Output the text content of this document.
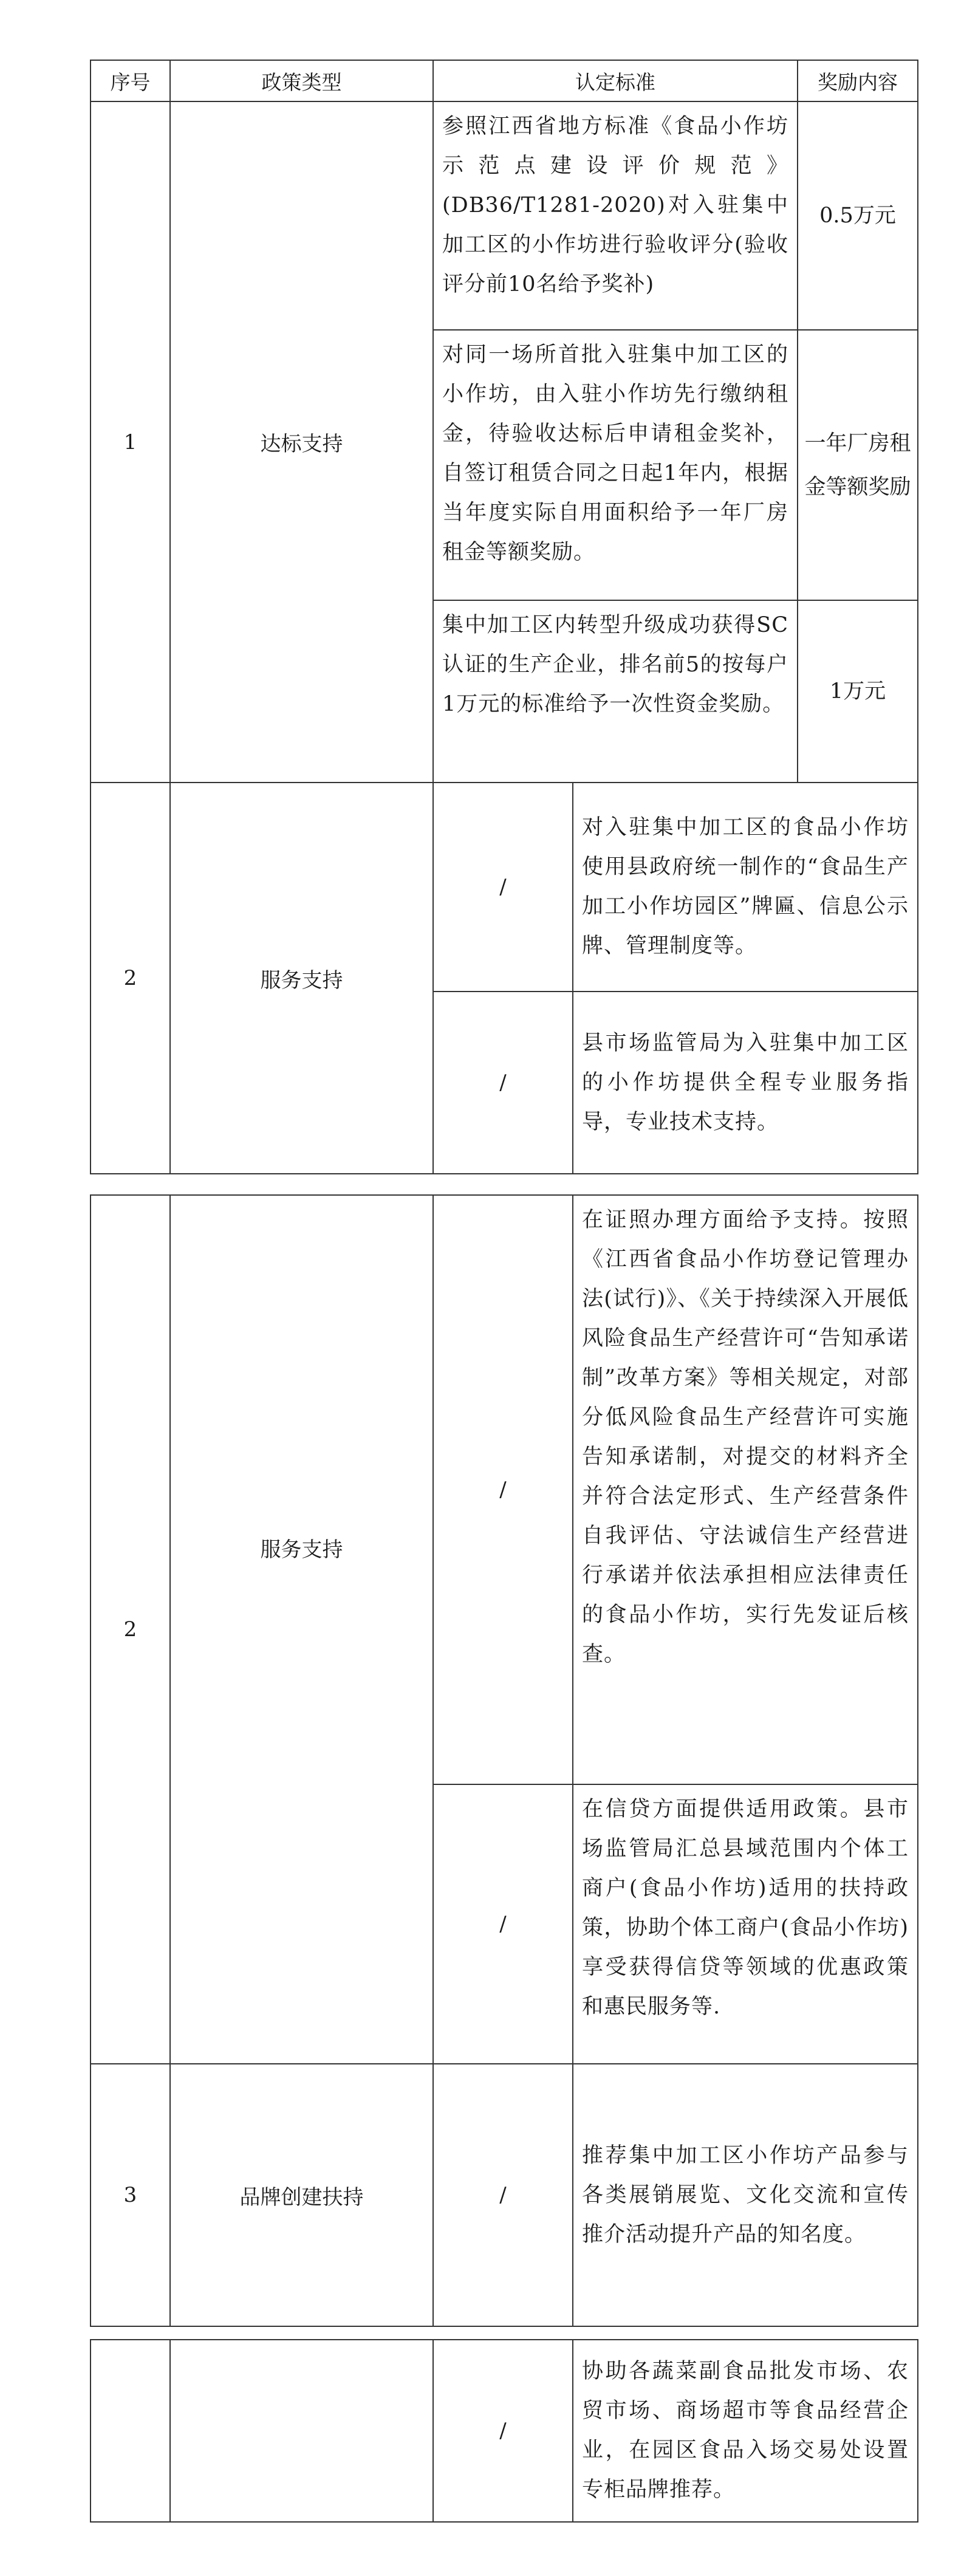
序号	政策类型	认定标准	奖励内容
1	达标支持	参照江西省地方标准《食品小作坊示范点建设评价规范》(DB36/T1281-2020)对入驻集中加工区的小作坊进行验收评分(验收评分前10名给予奖补)	0.5万元
		对同一场所首批入驻集中加工区的小作坊，由入驻小作坊先行缴纳租金，待验收达标后申请租金奖补，自签订租赁合同之日起1年内，根据当年度实际自用面积给予一年厂房租金等额奖励。	一年厂房租金等额奖励
		集中加工区内转型升级成功获得SC认证的生产企业，排名前5的按每户1万元的标准给予一次性资金奖励。	1万元
2	服务支持	/	对入驻集中加工区的食品小作坊使用县政府统一制作的“食品生产加工小作坊园区”牌匾、信息公示牌、管理制度等。
		/	县市场监管局为入驻集中加工区的小作坊提供全程专业服务指导，专业技术支持。
2	服务支持	/	在证照办理方面给予支持。按照《江西省食品小作坊登记管理办法(试行)》、《关于持续深入开展低风险食品生产经营许可“告知承诺制”改革方案》等相关规定，对部分低风险食品生产经营许可实施告知承诺制，对提交的材料齐全并符合法定形式、生产经营条件自我评估、守法诚信生产经营进行承诺并依法承担相应法律责任的食品小作坊，实行先发证后核查。
		/	在信贷方面提供适用政策。县市场监管局汇总县域范围内个体工商户(食品小作坊)适用的扶持政策，协助个体工商户(食品小作坊)享受获得信贷等领域的优惠政策和惠民服务等.
3	品牌创建扶持	/	推荐集中加工区小作坊产品参与各类展销展览、文化交流和宣传推介活动提升产品的知名度。
		/	协助各蔬菜副食品批发市场、农贸市场、商场超市等食品经营企业，在园区食品入场交易处设置专柜品牌推荐。
